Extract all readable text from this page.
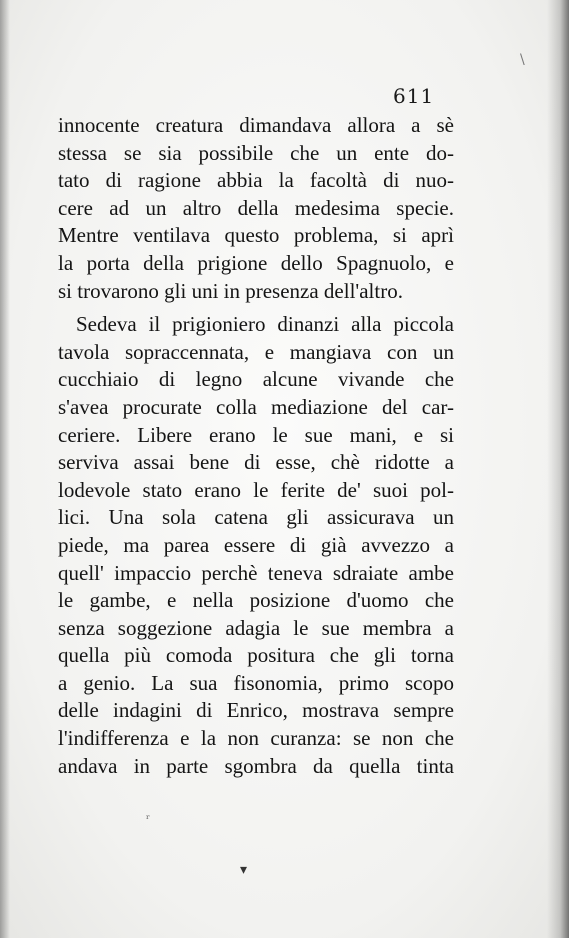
611
innocente creatura dimandava allora a sè
stessa se sia possibile che un ente do-
tato di ragione abbia la facoltà di nuo-
cere ad un altro della medesima specie.
Mentre ventilava questo problema, si aprì
la porta della prigione dello Spagnuolo, e
si trovarono gli uni in presenza dell'altro.
Sedeva il prigioniero dinanzi alla piccola
tavola sopraccennata, e mangiava con un
cucchiaio di legno alcune vivande che
s'avea procurate colla mediazione del car-
ceriere. Libere erano le sue mani, e si
serviva assai bene di esse, chè ridotte a
lodevole stato erano le ferite de' suoi pol-
lici. Una sola catena gli assicurava un
piede, ma parea essere di già avvezzo a
quell' impaccio perchè teneva sdraiate ambe
le gambe, e nella posizione d'uomo che
senza soggezione adagia le sue membra a
quella più comoda positura che gli torna
a genio. La sua fisonomia, primo scopo
delle indagini di Enrico, mostrava sempre
l'indifferenza e la non curanza: se non che
andava in parte sgombra da quella tinta
▾
ʳ
\
